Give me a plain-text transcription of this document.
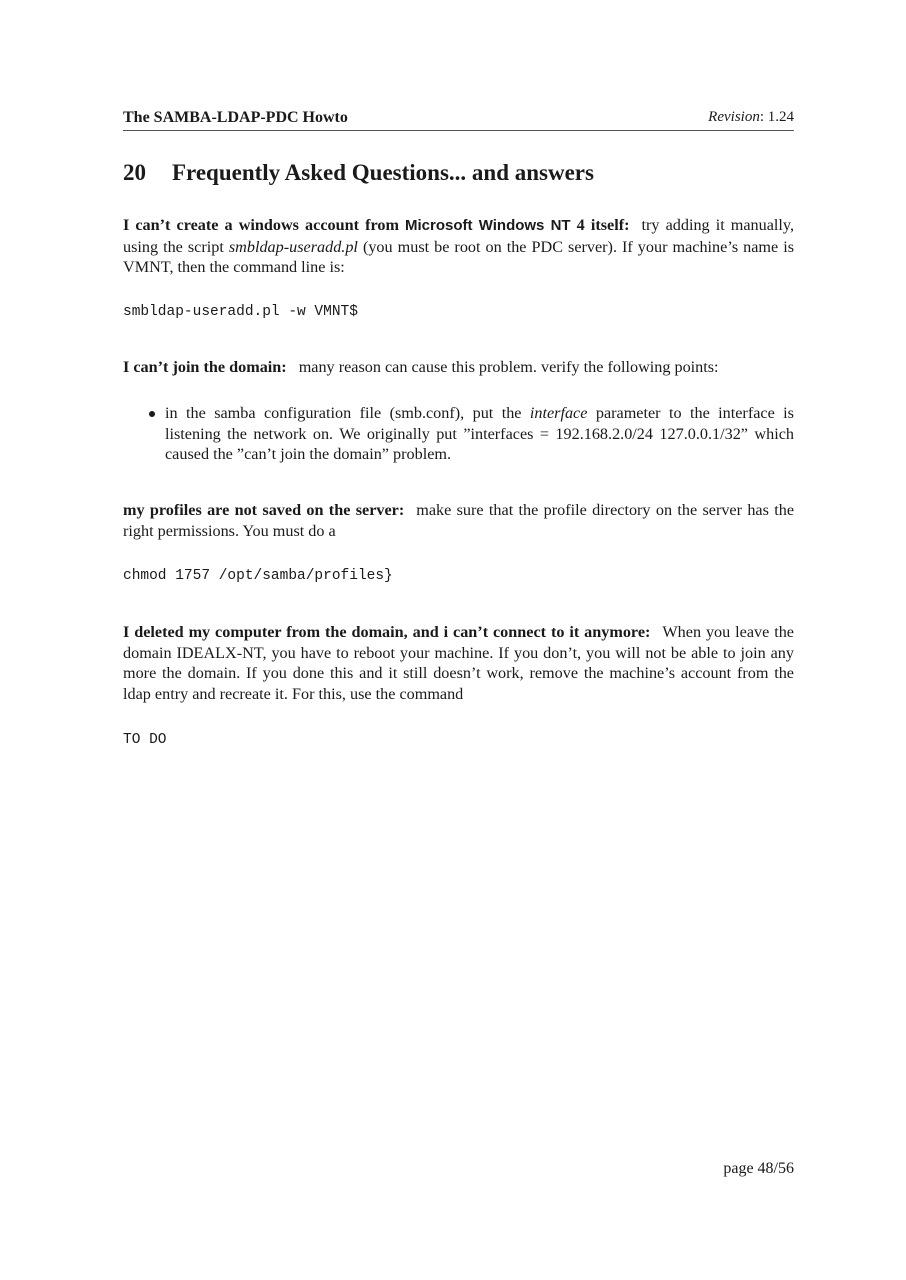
The SAMBA-LDAP-PDC Howto	Revision: 1.24
20 Frequently Asked Questions... and answers
I can’t create a windows account from Microsoft Windows NT 4 itself: try adding it manually, using the script smbldap-useradd.pl (you must be root on the PDC server). If your machine’s name is VMNT, then the command line is:
smbldap-useradd.pl -w VMNT$
I can’t join the domain: many reason can cause this problem. verify the following points:
in the samba configuration file (smb.conf), put the interface parameter to the interface is listening the network on. We originally put ”interfaces = 192.168.2.0/24 127.0.0.1/32” which caused the ”can’t join the domain” problem.
my profiles are not saved on the server: make sure that the profile directory on the server has the right permissions. You must do a
chmod 1757 /opt/samba/profiles}
I deleted my computer from the domain, and i can’t connect to it anymore: When you leave the domain IDEALX-NT, you have to reboot your machine. If you don’t, you will not be able to join any more the domain. If you done this and it still doesn’t work, remove the machine’s account from the ldap entry and recreate it. For this, use the command
TO DO
page 48/56
